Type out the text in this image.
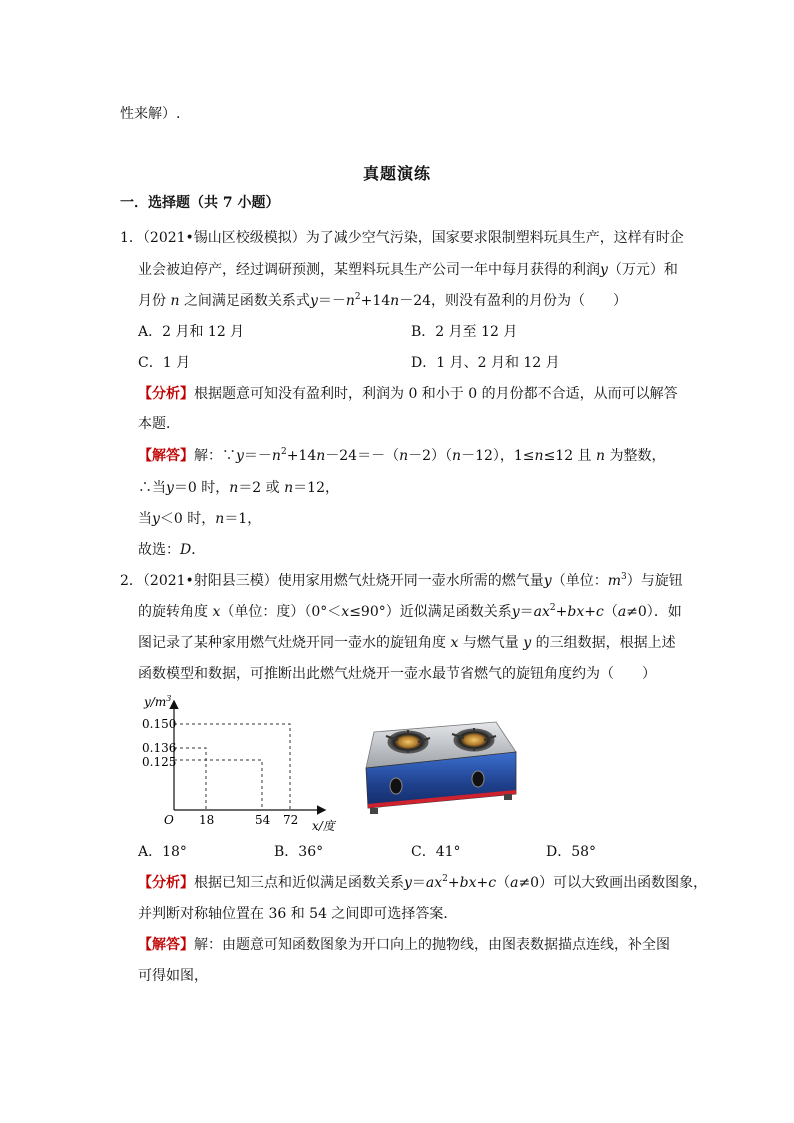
性来解）.
真题演练
一．选择题（共 7 小题）
1．（2021•锡山区校级模拟）为了减少空气污染，国家要求限制塑料玩具生产，这样有时企
业会被迫停产，经过调研预测，某塑料玩具生产公司一年中每月获得的利润y（万元）和
月份 n 之间满足函数关系式$y=-n^2+14n-24$，则没有盈利的月份为（　　）
A．2 月和 12 月	B．2 月至 12 月
C．1 月	D．1 月、2 月和 12 月
【分析】根据题意可知没有盈利时，利润为 0 和小于 0 的月份都不合适，从而可以解答
本题．
【解答】解：$\because y=-n^2+14n-24=-(n-2)(n-12)$，1≤n≤12 且 n 为整数，
∴当y＝0 时，n＝2 或 n＝12，
当y＜0 时，n＝1，
故选：D．
2．（2021•射阳县三模）使用家用燃气灶烧开同一壶水所需的燃气量y（单位：$m^3$）与旋钮
的旋转角度 x（单位：度）（0°＜x≤90°）近似满足函数关系$y=ax^2+bx+c(a\ne 0)$．如
图记录了某种家用燃气灶烧开同一壶水的旋钮角度 x 与燃气量 y 的三组数据，根据上述
函数模型和数据，可推断出此燃气灶烧开一壶水最节省燃气的旋钮角度约为（　　）
$y/m^3$
0.150
0.136
0.125
O 18	54 72 x/度
A．18°	B．36°	C．41°	D．58°
【分析】根据已知三点和近似满足函数关系$y=ax^2+bx+c(a\ne 0)$可以大致画出函数图象，
并判断对称轴位置在 36 和 54 之间即可选择答案．
【解答】解：由题意可知函数图象为开口向上的抛物线，由图表数据描点连线，补全图
可得如图，
